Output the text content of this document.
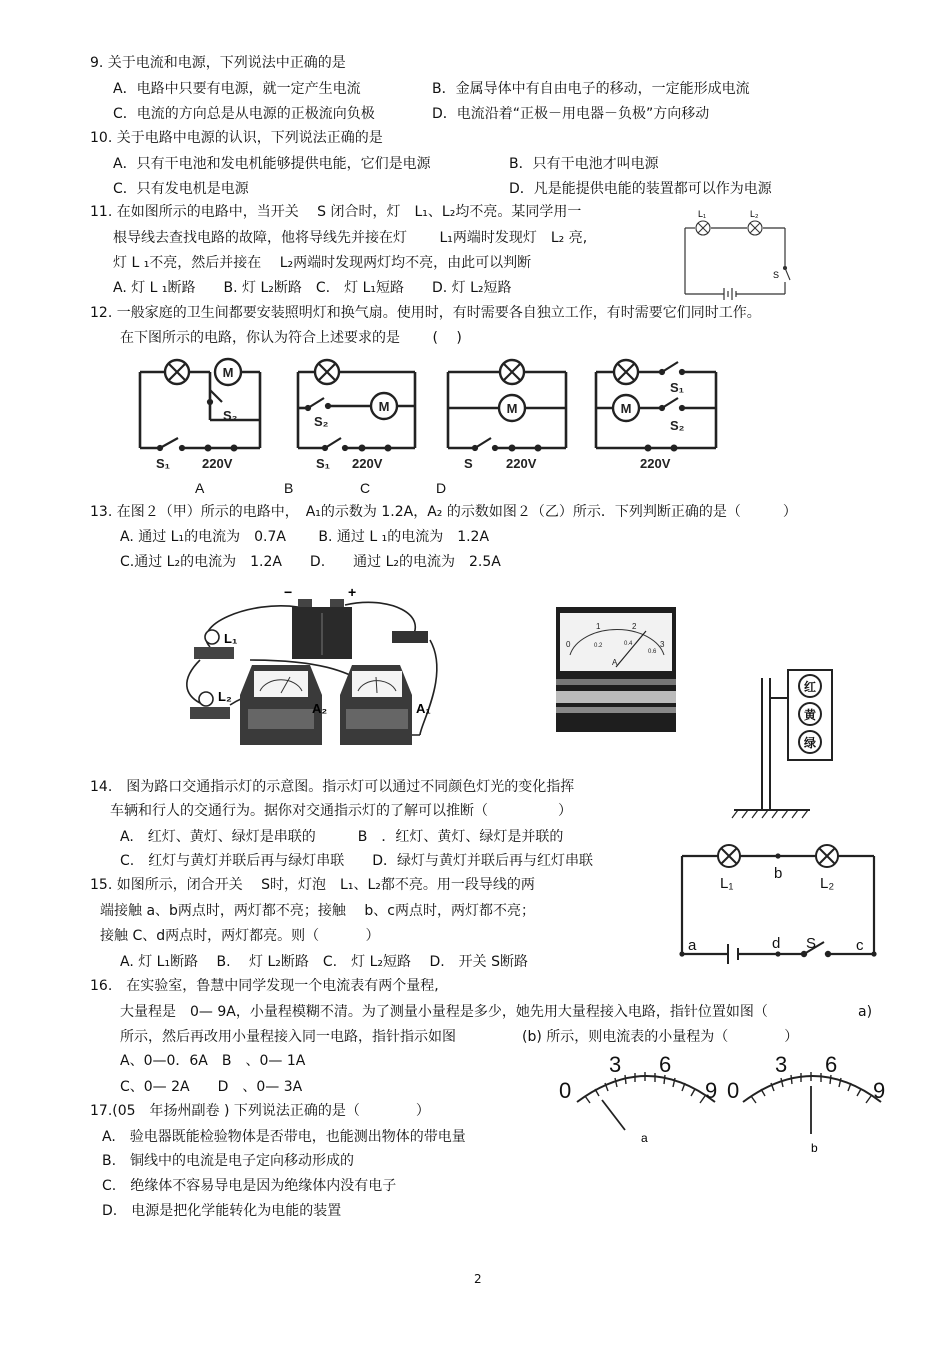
9. 关于电流和电源，下列说法中正确的是
A．电路中只要有电源，就一定产生电流	B．金属导体中有自由电子的移动，一定能形成电流
C．电流的方向总是从电源的正极流向负极	D．电流沿着“正极－用电器－负极”方向移动
10. 关于电路中电源的认识，下列说法正确的是
A．只有干电池和发电机能够提供电能，它们是电源	B．只有干电池才叫电源
C．只有发电机是电源	D．凡是能提供电能的装置都可以作为电源
11. 在如图所示的电路中，当开关　 S 闭合时，灯　L₁、L₂均不亮。某同学用一
根导线去查找电路的故障，他将导线先并接在灯　　 L₁两端时发现灯　L₂ 亮,
灯 L ₁不亮，然后并接在　 L₂两端时发现两灯均不亮，由此可以判断
A. 灯 L ₁断路　　B. 灯 L₂断路　C.　灯 L₁短路　　D. 灯 L₂短路
L₁	L₂
S
12. 一般家庭的卫生间都要安装照明灯和换气扇。使用时，有时需要各自独立工作，有时需要它们同时工作。
在下图所示的电路，你认为符合上述要求的是　　 (　 )
M
M	M	M
S₂
S₁ 220V
S₂
S₁ 220V	S	220V
S₁
S₂
220V
A	B	C	D
13. 在图２（甲）所示的电路中，　A₁的示数为 1.2A，A₂ 的示数如图２（乙）所示．下列判断正确的是（　　　）
A. 通过 L₁的电流为　0.7A　　 B. 通过 L ₁的电流为　1.2A
C.通过 L₂的电流为　1.2A　　D.　　通过 L₂的电流为　2.5A
−	+
L₁
L₂
A₂	A₁
0
1	2
3
0.2	0.4
0.6
A
红
黄
绿
14.　图为路口交通指示灯的示意图。指示灯可以通过不同颜色灯光的变化指挥
车辆和行人的交通行为。据你对交通指示灯的了解可以推断（　　　　　）
A.　红灯、黄灯、绿灯是串联的　　　B　．红灯、黄灯、绿灯是并联的
C.　红灯与黄灯并联后再与绿灯串联　　D．绿灯与黄灯并联后再与红灯串联
15. 如图所示，闭合开关　 S时，灯泡　L₁、L₂都不亮。用一段导线的两
端接触 a、b两点时，两灯都不亮；接触　 b、c两点时，两灯都不亮；
接触 C、d两点时，两灯都亮。则（　　　 ）
A. 灯 L₁断路　 B.　 灯 L₂断路　C.　灯 L₂短路　 D.　开关 S断路
L₁
b
L₂
a	d S	c
16.　在实验室，鲁慧中同学发现一个电流表有两个量程,
大量程是　0— 9A，小量程模糊不清。为了测量小量程是多少，她先用大量程接入电路，指针位置如图（	a)
所示，然后再改用小量程接入同一电路，指针指示如图	(b) 所示，则电流表的小量程为（　　　　）
A、0—0．6A　B　、0— 1A
C、0— 2A　　D　、0— 3A	0
3 6
9
a
0
3 6
9
b
17.(05　年扬州副卷 ) 下列说法正确的是（　　　　）
A.　验电器既能检验物体是否带电，也能测出物体的带电量
B.　铜线中的电流是电子定向移动形成的
C.　绝缘体不容易导电是因为绝缘体内没有电子
D.　电源是把化学能转化为电能的装置
2
